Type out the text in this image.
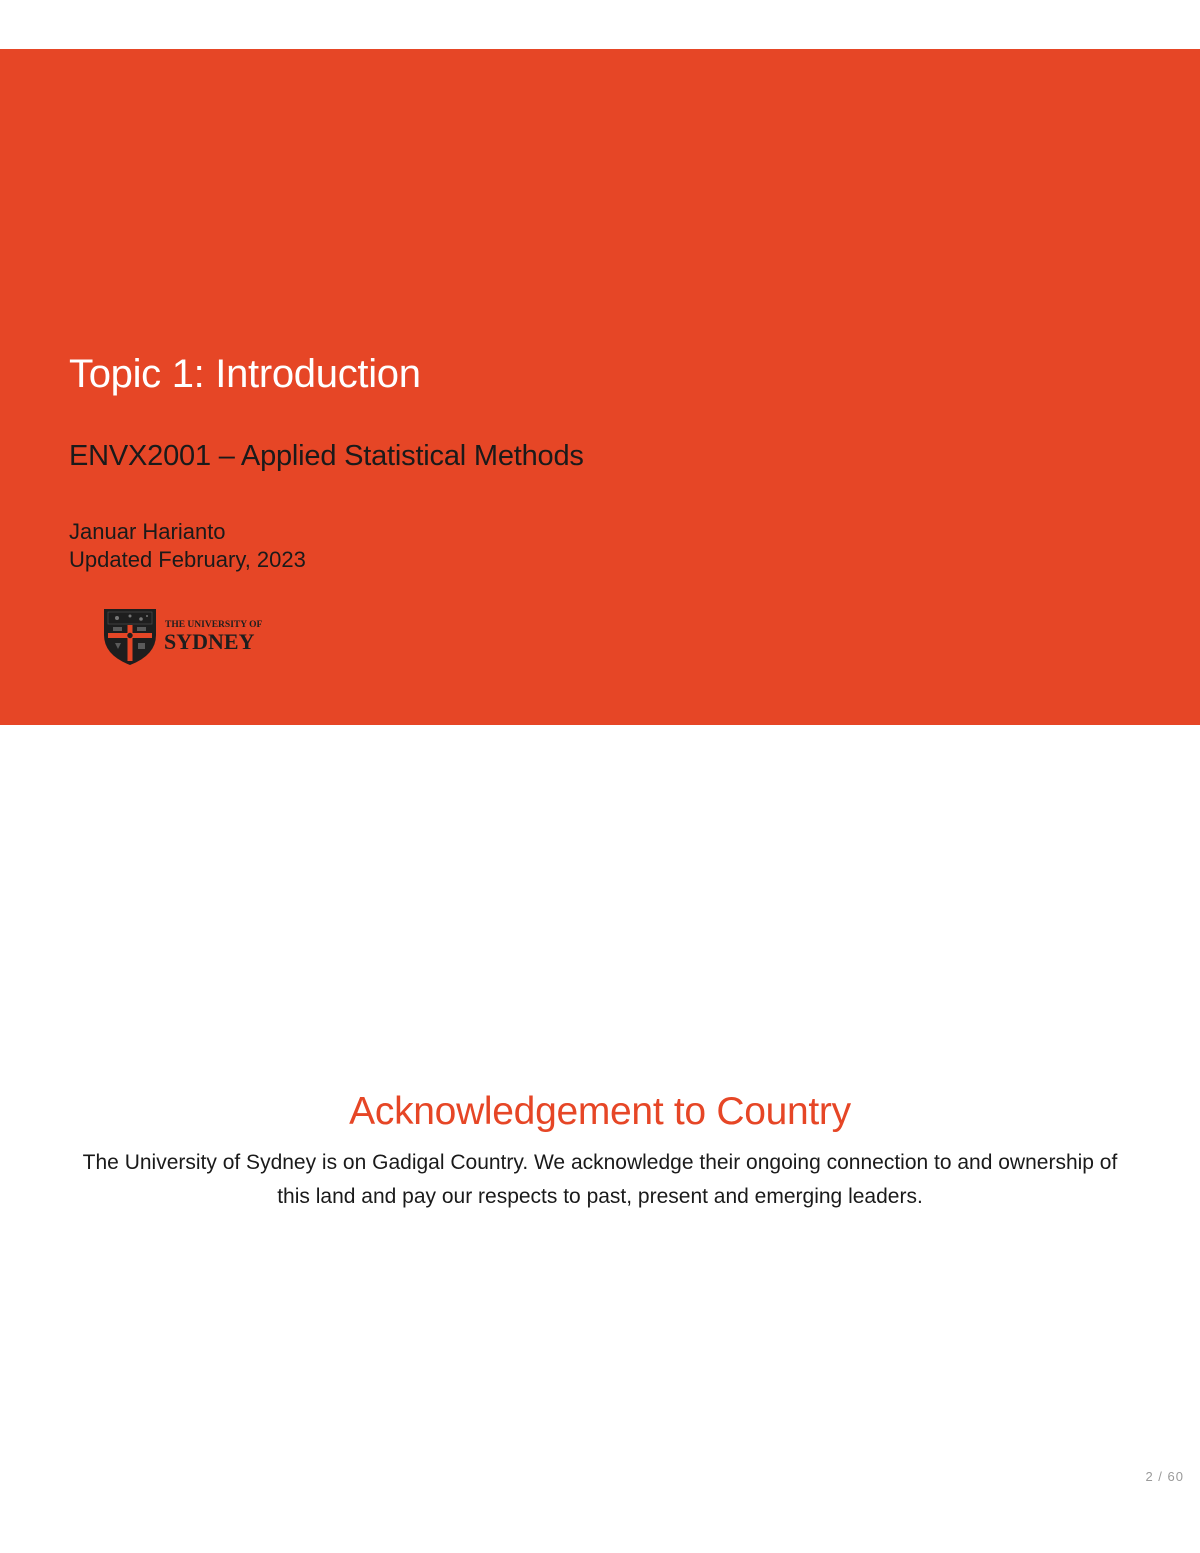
Topic 1: Introduction
ENVX2001 – Applied Statistical Methods
Januar Harianto
Updated February, 2023
THE UNIVERSITY OF
SYDNEY
Acknowledgement to Country

The University of Sydney is on Gadigal Country. We acknowledge their ongoing connection to and ownership of this land and pay our respects to past, present and emerging leaders.

2 / 60
